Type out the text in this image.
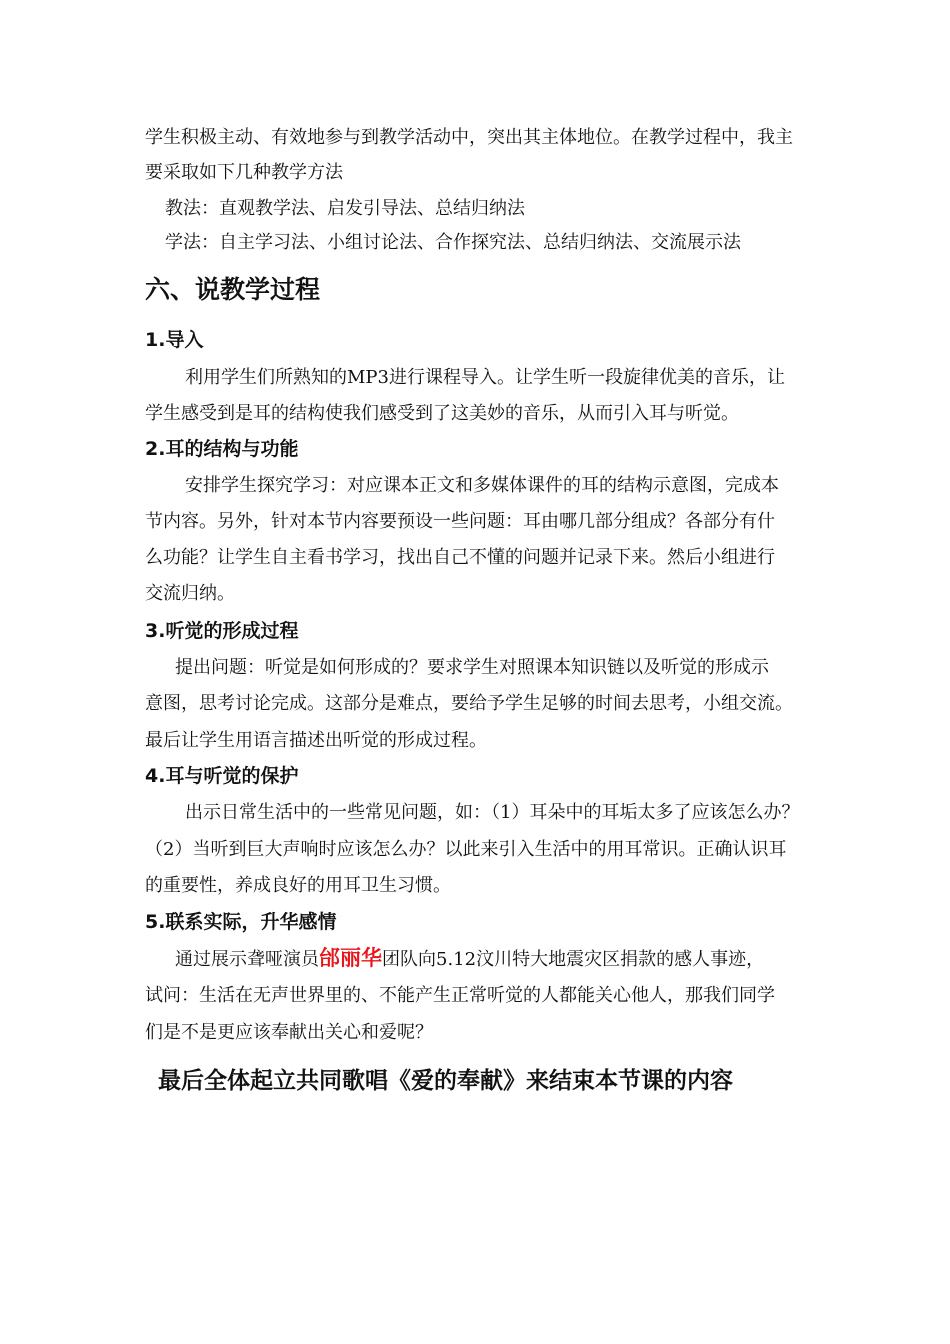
学生积极主动、有效地参与到教学活动中，突出其主体地位。在教学过程中，我主
要采取如下几种教学方法
教法：直观教学法、启发引导法、总结归纳法
学法：自主学习法、小组讨论法、合作探究法、总结归纳法、交流展示法
六、说教学过程
1.导入
利用学生们所熟知的MP3进行课程导入。让学生听一段旋律优美的音乐，让
学生感受到是耳的结构使我们感受到了这美妙的音乐，从而引入耳与听觉。
2.耳的结构与功能
安排学生探究学习：对应课本正文和多媒体课件的耳的结构示意图，完成本
节内容。另外，针对本节内容要预设一些问题：耳由哪几部分组成？各部分有什
么功能？让学生自主看书学习，找出自己不懂的问题并记录下来。然后小组进行
交流归纳。
3.听觉的形成过程
提出问题：听觉是如何形成的？要求学生对照课本知识链以及听觉的形成示
意图，思考讨论完成。这部分是难点，要给予学生足够的时间去思考，小组交流。
最后让学生用语言描述出听觉的形成过程。
4.耳与听觉的保护
出示日常生活中的一些常见问题，如：（1）耳朵中的耳垢太多了应该怎么办？
（2）当听到巨大声响时应该怎么办？以此来引入生活中的用耳常识。正确认识耳
的重要性，养成良好的用耳卫生习惯。
5.联系实际，升华感情
通过展示聋哑演员邰丽华团队向5.12汶川特大地震灾区捐款的感人事迹，
试问：生活在无声世界里的、不能产生正常听觉的人都能关心他人，那我们同学
们是不是更应该奉献出关心和爱呢？
最后全体起立共同歌唱《爱的奉献》来结束本节课的内容
